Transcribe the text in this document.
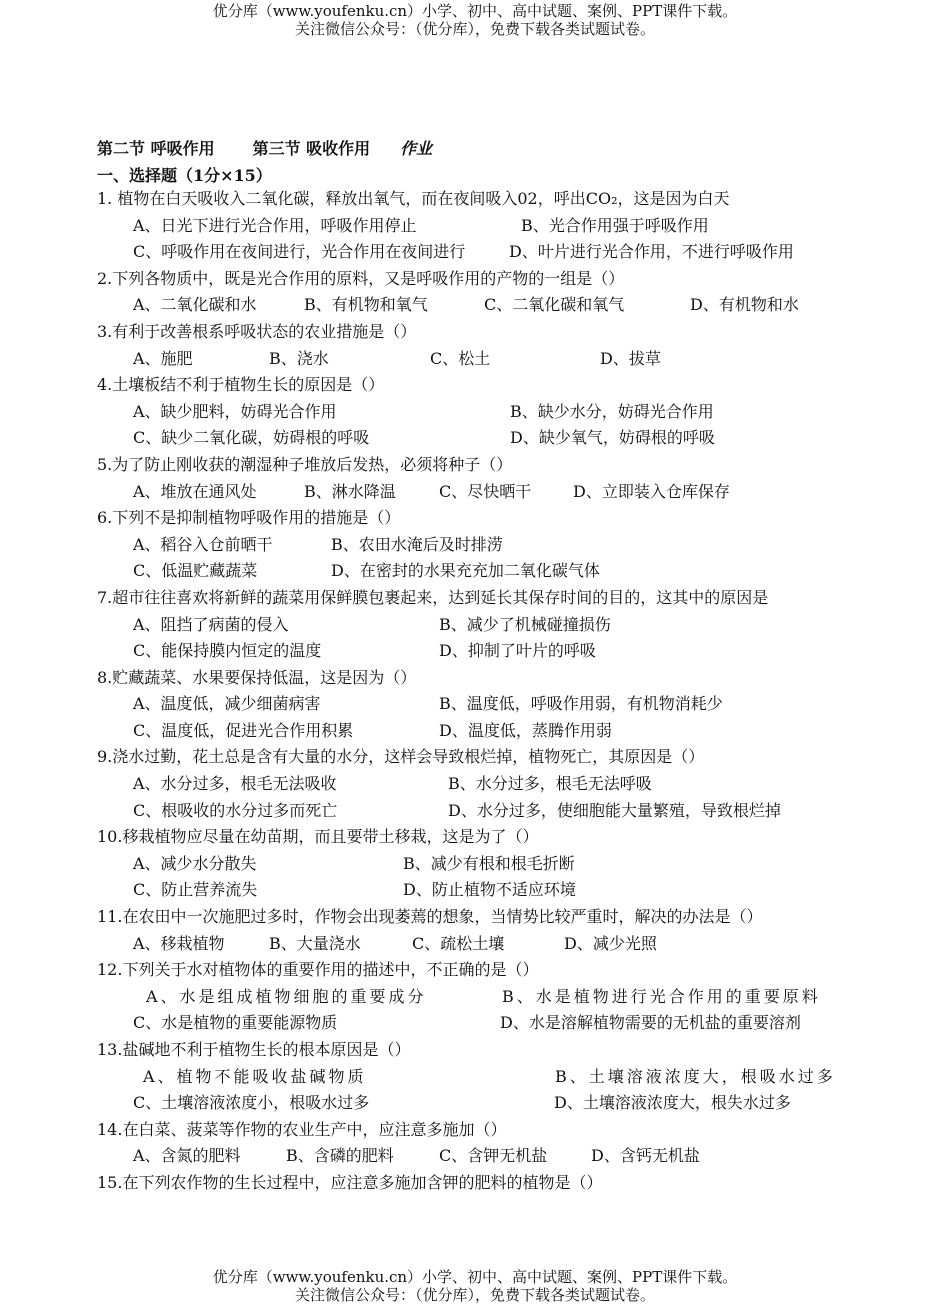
优分库（www.youfenku.cn）小学、初中、高中试题、案例、PPT课件下载。
关注微信公众号：（优分库），免费下载各类试题试卷。
第二节 呼吸作用 第三节 吸收作用 作业
一、选择题（1分×15）
1. 植物在白天吸收入二氧化碳，释放出氧气，而在夜间吸入02，呼出CO₂，这是因为白天
A、日光下进行光合作用，呼吸作用停止	B、光合作用强于呼吸作用
C、呼吸作用在夜间进行，光合作用在夜间进行	D、叶片进行光合作用，不进行呼吸作用
2.下列各物质中，既是光合作用的原料，又是呼吸作用的产物的一组是（）
A、二氧化碳和水	B、有机物和氧气	C、二氧化碳和氧气	D、有机物和水
3.有利于改善根系呼吸状态的农业措施是（）
A、施肥	B、浇水	C、松土	D、拔草
4.土壤板结不利于植物生长的原因是（）
A、缺少肥料，妨碍光合作用	B、缺少水分，妨碍光合作用
C、缺少二氧化碳，妨碍根的呼吸	D、缺少氧气，妨碍根的呼吸
5.为了防止刚收获的潮湿种子堆放后发热，必须将种子（）
A、堆放在通风处	B、淋水降温	C、尽快晒干	D、立即装入仓库保存
6.下列不是抑制植物呼吸作用的措施是（）
A、稻谷入仓前晒干	B、农田水淹后及时排涝
C、低温贮藏蔬菜	D、在密封的水果充充加二氧化碳气体
7.超市往往喜欢将新鲜的蔬菜用保鲜膜包裹起来，达到延长其保存时间的目的，这其中的原因是
A、阻挡了病菌的侵入	B、减少了机械碰撞损伤
C、能保持膜内恒定的温度	D、抑制了叶片的呼吸
8.贮藏蔬菜、水果要保持低温，这是因为（）
A、温度低，减少细菌病害	B、温度低，呼吸作用弱，有机物消耗少
C、温度低，促进光合作用积累	D、温度低，蒸腾作用弱
9.浇水过勤，花土总是含有大量的水分，这样会导致根烂掉，植物死亡，其原因是（）
A、水分过多，根毛无法吸收	B、水分过多，根毛无法呼吸
C、根吸收的水分过多而死亡	D、水分过多，使细胞能大量繁殖，导致根烂掉
10.移栽植物应尽量在幼苗期，而且要带土移栽，这是为了（）
A、减少水分散失	B、减少有根和根毛折断
C、防止营养流失	D、防止植物不适应环境
11.在农田中一次施肥过多时，作物会出现萎蔫的想象，当情势比较严重时，解决的办法是（）
A、移栽植物	B、大量浇水	C、疏松土壤	D、减少光照
12.下列关于水对植物体的重要作用的描述中，不正确的是（）
A、水是组成植物细胞的重要成分	B、水是植物进行光合作用的重要原料
C、水是植物的重要能源物质	D、水是溶解植物需要的无机盐的重要溶剂
13.盐碱地不利于植物生长的根本原因是（）
A、植物不能吸收盐碱物质	B、土壤溶液浓度大，根吸水过多
C、土壤溶液浓度小，根吸水过多	D、土壤溶液浓度大，根失水过多
14.在白菜、菠菜等作物的农业生产中，应注意多施加（）
A、含氮的肥料	B、含磷的肥料	C、含钾无机盐	D、含钙无机盐
15.在下列农作物的生长过程中，应注意多施加含钾的肥料的植物是（）
优分库（www.youfenku.cn）小学、初中、高中试题、案例、PPT课件下载。
关注微信公众号：（优分库），免费下载各类试题试卷。
